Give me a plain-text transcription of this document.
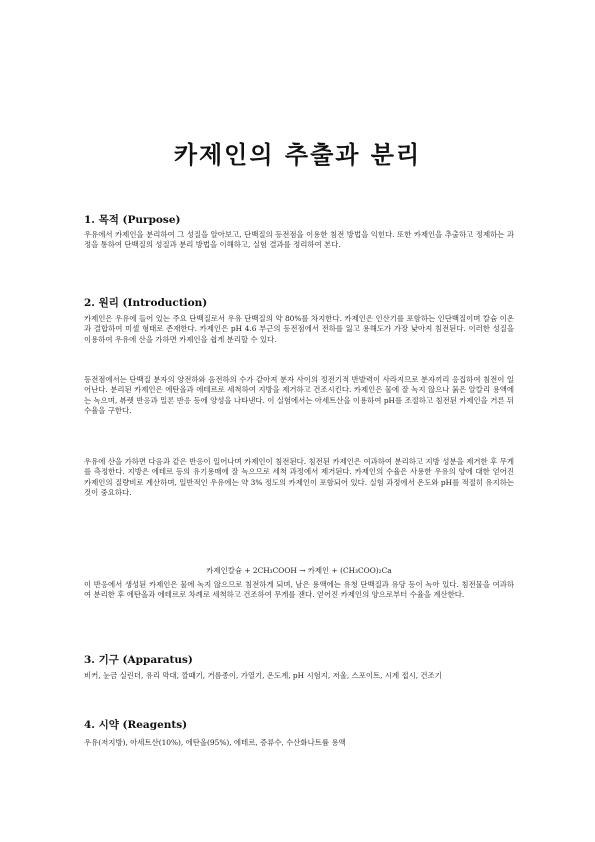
카제인의 추출과 분리
1. 목적 (Purpose)

우유에서 카제인을 분리하여 그 성질을 알아보고, 단백질의 등전점을 이용한 침전 방법을 익힌다. 또한 카제인을 추출하고 정제하는 과정을 통하여 단백질의 성질과 분리 방법을 이해하고, 실험 결과를 정리하여 본다.

2. 원리 (Introduction)

카제인은 우유에 들어 있는 주요 단백질로서 우유 단백질의 약 80%를 차지한다. 카제인은 인산기를 포함하는 인단백질이며 칼슘 이온과 결합하여 미셀 형태로 존재한다. 카제인은 pH 4.6 부근의 등전점에서 전하를 잃고 용해도가 가장 낮아져 침전된다. 이러한 성질을 이용하여 우유에 산을 가하면 카제인을 쉽게 분리할 수 있다.

등전점에서는 단백질 분자의 양전하와 음전하의 수가 같아져 분자 사이의 정전기적 반발력이 사라지므로 분자끼리 응집하여 침전이 일어난다. 분리된 카제인은 에탄올과 에테르로 세척하여 지방을 제거하고 건조시킨다. 카제인은 물에 잘 녹지 않으나 묽은 알칼리 용액에는 녹으며, 뷰렛 반응과 밀론 반응 등에 양성을 나타낸다. 이 실험에서는 아세트산을 이용하여 pH를 조절하고 침전된 카제인을 거른 뒤 수율을 구한다.

우유에 산을 가하면 다음과 같은 반응이 일어나며 카제인이 침전된다. 침전된 카제인은 여과하여 분리하고 지방 성분을 제거한 후 무게를 측정한다. 지방은 에테르 등의 유기용매에 잘 녹으므로 세척 과정에서 제거된다. 카제인의 수율은 사용한 우유의 양에 대한 얻어진 카제인의 질량비로 계산하며, 일반적인 우유에는 약 3% 정도의 카제인이 포함되어 있다. 실험 과정에서 온도와 pH를 적절히 유지하는 것이 중요하다.

카제인칼슘 + 2CH₃COOH → 카제인 + (CH₃COO)₂Ca

이 반응에서 생성된 카제인은 물에 녹지 않으므로 침전하게 되며, 남은 용액에는 유청 단백질과 유당 등이 녹아 있다. 침전물을 여과하여 분리한 후 에탄올과 에테르로 차례로 세척하고 건조하여 무게를 잰다. 얻어진 카제인의 양으로부터 수율을 계산한다.

3. 기구 (Apparatus)

비커, 눈금 실린더, 유리 막대, 깔때기, 거름종이, 가열기, 온도계, pH 시험지, 저울, 스포이트, 시계 접시, 건조기

4. 시약 (Reagents)

우유(저지방), 아세트산(10%), 에탄올(95%), 에테르, 증류수, 수산화나트륨 용액
